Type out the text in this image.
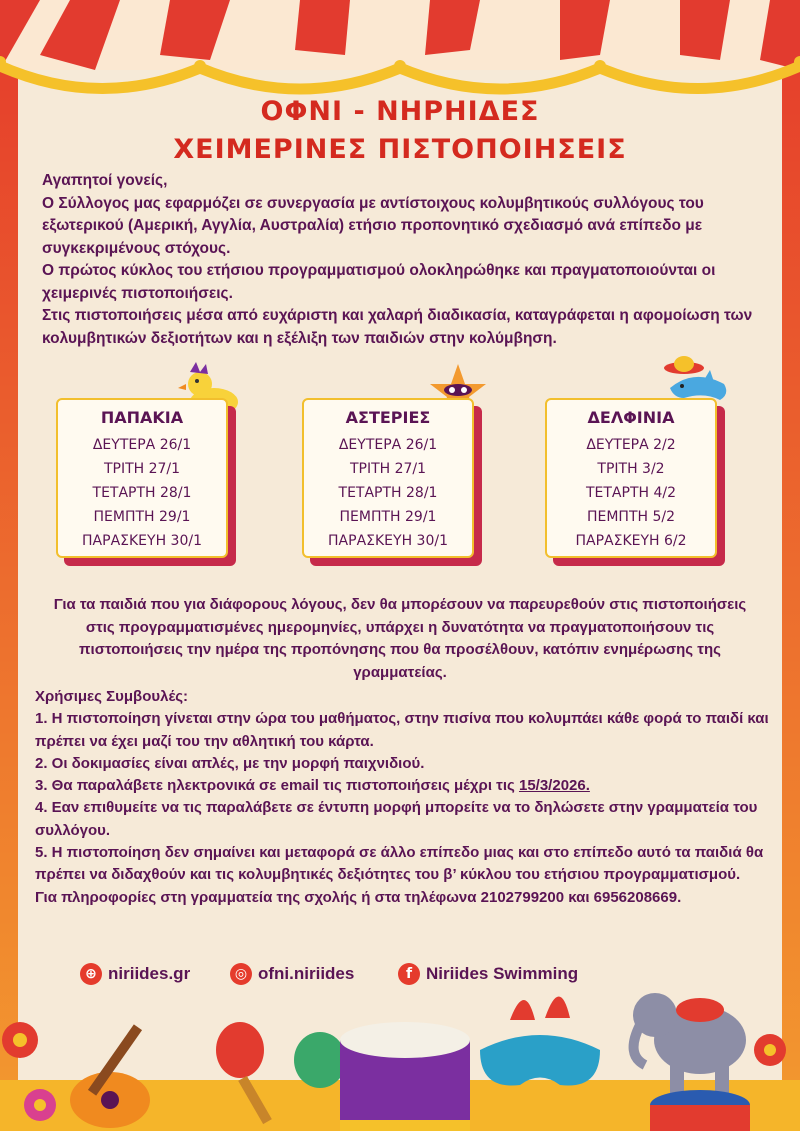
ΟΦΝΙ - ΝΗΡΗΙΔΕΣ
ΧΕΙΜΕΡΙΝΕΣ ΠΙΣΤΟΠΟΙΗΣΕΙΣ

Αγαπητοί γονείς,

Ο Σύλλογος μας εφαρμόζει σε συνεργασία με αντίστοιχους κολυμβητικούς συλλόγους του εξωτερικού (Αμερική, Αγγλία, Αυστραλία) ετήσιο προπονητικό σχεδιασμό ανά επίπεδο με συγκεκριμένους στόχους.

Ο πρώτος κύκλος του ετήσιου προγραμματισμού ολοκληρώθηκε και πραγματοποιούνται οι χειμερινές πιστοποιήσεις.

Στις πιστοποιήσεις μέσα από ευχάριστη και χαλαρή διαδικασία, καταγράφεται η αφομοίωση των κολυμβητικών δεξιοτήτων και η εξέλιξη των παιδιών στην κολύμβηση.

ΠΑΠΑΚΙΑ

ΔΕΥΤΕΡΑ 26/1

ΤΡΙΤΗ 27/1

ΤΕΤΑΡΤΗ 28/1

ΠΕΜΠΤΗ 29/1

ΠΑΡΑΣΚΕΥΗ 30/1

ΑΣΤΕΡΙΕΣ

ΔΕΥΤΕΡΑ 26/1

ΤΡΙΤΗ 27/1

ΤΕΤΑΡΤΗ 28/1

ΠΕΜΠΤΗ 29/1

ΠΑΡΑΣΚΕΥΗ 30/1

ΔΕΛΦΙΝΙΑ

ΔΕΥΤΕΡΑ 2/2

ΤΡΙΤΗ 3/2

ΤΕΤΑΡΤΗ 4/2

ΠΕΜΠΤΗ 5/2

ΠΑΡΑΣΚΕΥΗ 6/2

Για τα παιδιά που για διάφορους λόγους, δεν θα μπορέσουν να παρευρεθούν στις πιστοποιήσεις στις προγραμματισμένες ημερομηνίες, υπάρχει η δυνατότητα να πραγματοποιήσουν τις πιστοποιήσεις την ημέρα της προπόνησης που θα προσέλθουν, κατόπιν ενημέρωσης της γραμματείας.

Χρήσιμες Συμβουλές:

1. Η πιστοποίηση γίνεται στην ώρα του μαθήματος, στην πισίνα που κολυμπάει κάθε φορά το παιδί και πρέπει να έχει μαζί του την αθλητική του κάρτα.

2. Οι δοκιμασίες είναι απλές, με την μορφή παιχνιδιού.

3. Θα παραλάβετε ηλεκτρονικά σε email τις πιστοποιήσεις μέχρι τις 15/3/2026.

4. Εαν επιθυμείτε να τις παραλάβετε σε έντυπη μορφή μπορείτε να το δηλώσετε στην γραμματεία του συλλόγου.

5. Η πιστοποίηση δεν σημαίνει και μεταφορά σε άλλο επίπεδο μιας και στο επίπεδο αυτό τα παιδιά θα πρέπει να διδαχθούν και τις κολυμβητικές δεξιότητες του β’ κύκλου του ετήσιου προγραμματισμού.

Για πληροφορίες στη γραμματεία της σχολής ή στα τηλέφωνα 2102799200 και 6956208669.

⊕ niriides.gr	◎ ofni.niriides	f Niriides Swimming
